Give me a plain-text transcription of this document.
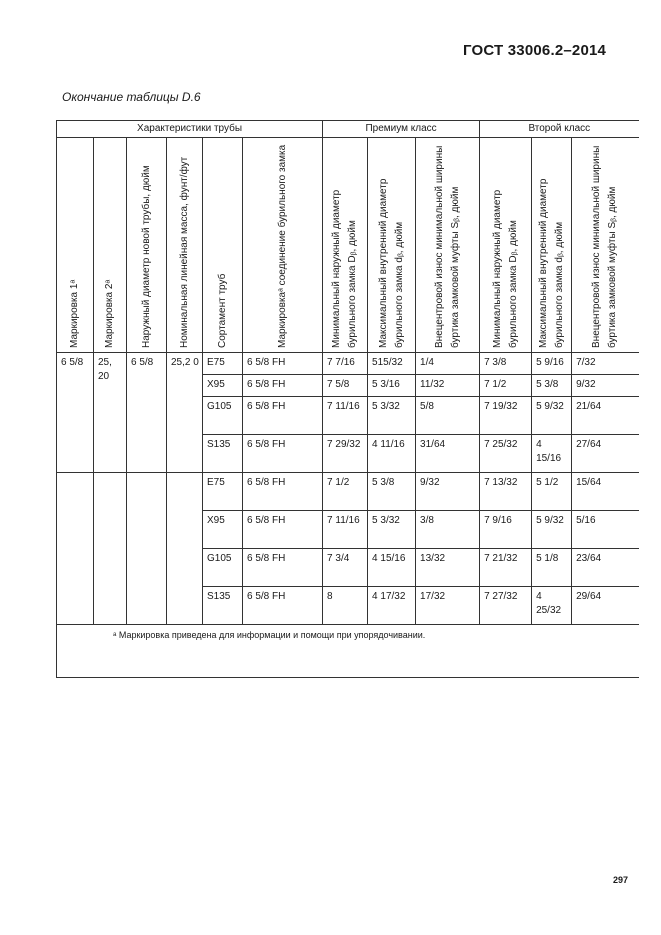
ГОСТ 33006.2–2014
Окончание таблицы D.6
Характеристики трубы						Премиум класс			Второй класс		

Маркировка 1ᵃ	Маркировка 2ᵃ	Наружный диаметр новой трубы, дюйм	Номинальная линейная масса, фунт/фут	Сортамент труб	Маркировкаᵃ соединение бурильного замка	Минимальный наружный диаметр бурильного замка Dᵦ, дюйм	Максимальный внутренний диаметр бурильного замка dᵦ, дюйм	Внецентровой износ минимальной ширины буртика замковой муфты Sᵦ, дюйм	Минимальный наружный диаметр бурильного замка Dᵦ, дюйм	Максимальный внутренний диаметр бурильного замка dᵦ, дюйм	Внецентровой износ минимальной ширины буртика замковой муфты Sᵦ, дюйм

6 5/8	25, 20	6 5/8	25,2 0	E75	6 5/8 FH	7 7/16	515/32	1/4	7 3/8	5 9/16	7/32
				X95	6 5/8 FH	7 5/8	5 3/16	11/32	7 1/2	5 3/8	9/32
				G105	6 5/8 FH	7 11/16	5 3/32	5/8	7 19/32	5 9/32	21/64
				S135	6 5/8 FH	7 29/32	4 11/16	31/64	7 25/32	4 15/16	27/64
				E75	6 5/8 FH	7 1/2	5 3/8	9/32	7 13/32	5 1/2	15/64
				X95	6 5/8 FH	7 11/16	5 3/32	3/8	7 9/16	5 9/32	5/16
				G105	6 5/8 FH	7 3/4	4 15/16	13/32	7 21/32	5 1/8	23/64
				S135	6 5/8 FH	8	4 17/32	17/32	7 27/32	4 25/32	29/64
ᵃ Маркировка приведена для информации и помощи при упорядочивании.											

297
